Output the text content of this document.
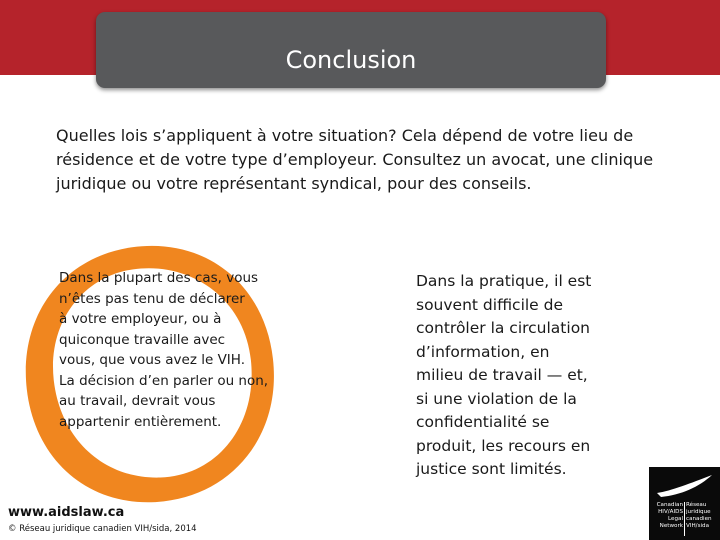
Conclusion
Quelles lois s’appliquent à votre situation? Cela dépend de votre lieu de résidence et de votre type d’employeur. Consultez un avocat, une clinique juridique ou votre représentant syndical, pour des conseils.
Dans la plupart des cas, vous
n’êtes pas tenu de déclarer
à votre employeur, ou à
quiconque travaille avec
vous, que vous avez le VIH.
La décision d’en parler ou non,
au travail, devrait vous
appartenir entièrement.
Dans la pratique, il est
souvent difficile de
contrôler la circulation
d’information, en
milieu de travail — et,
si une violation de la
confidentialité se
produit, les recours en
justice sont limités.
www.aidslaw.ca
© Réseau juridique canadien VIH/sida, 2014
Canadian
HIV/AIDS
Legal
Network
Réseau
juridique
canadien
VIH/sida
